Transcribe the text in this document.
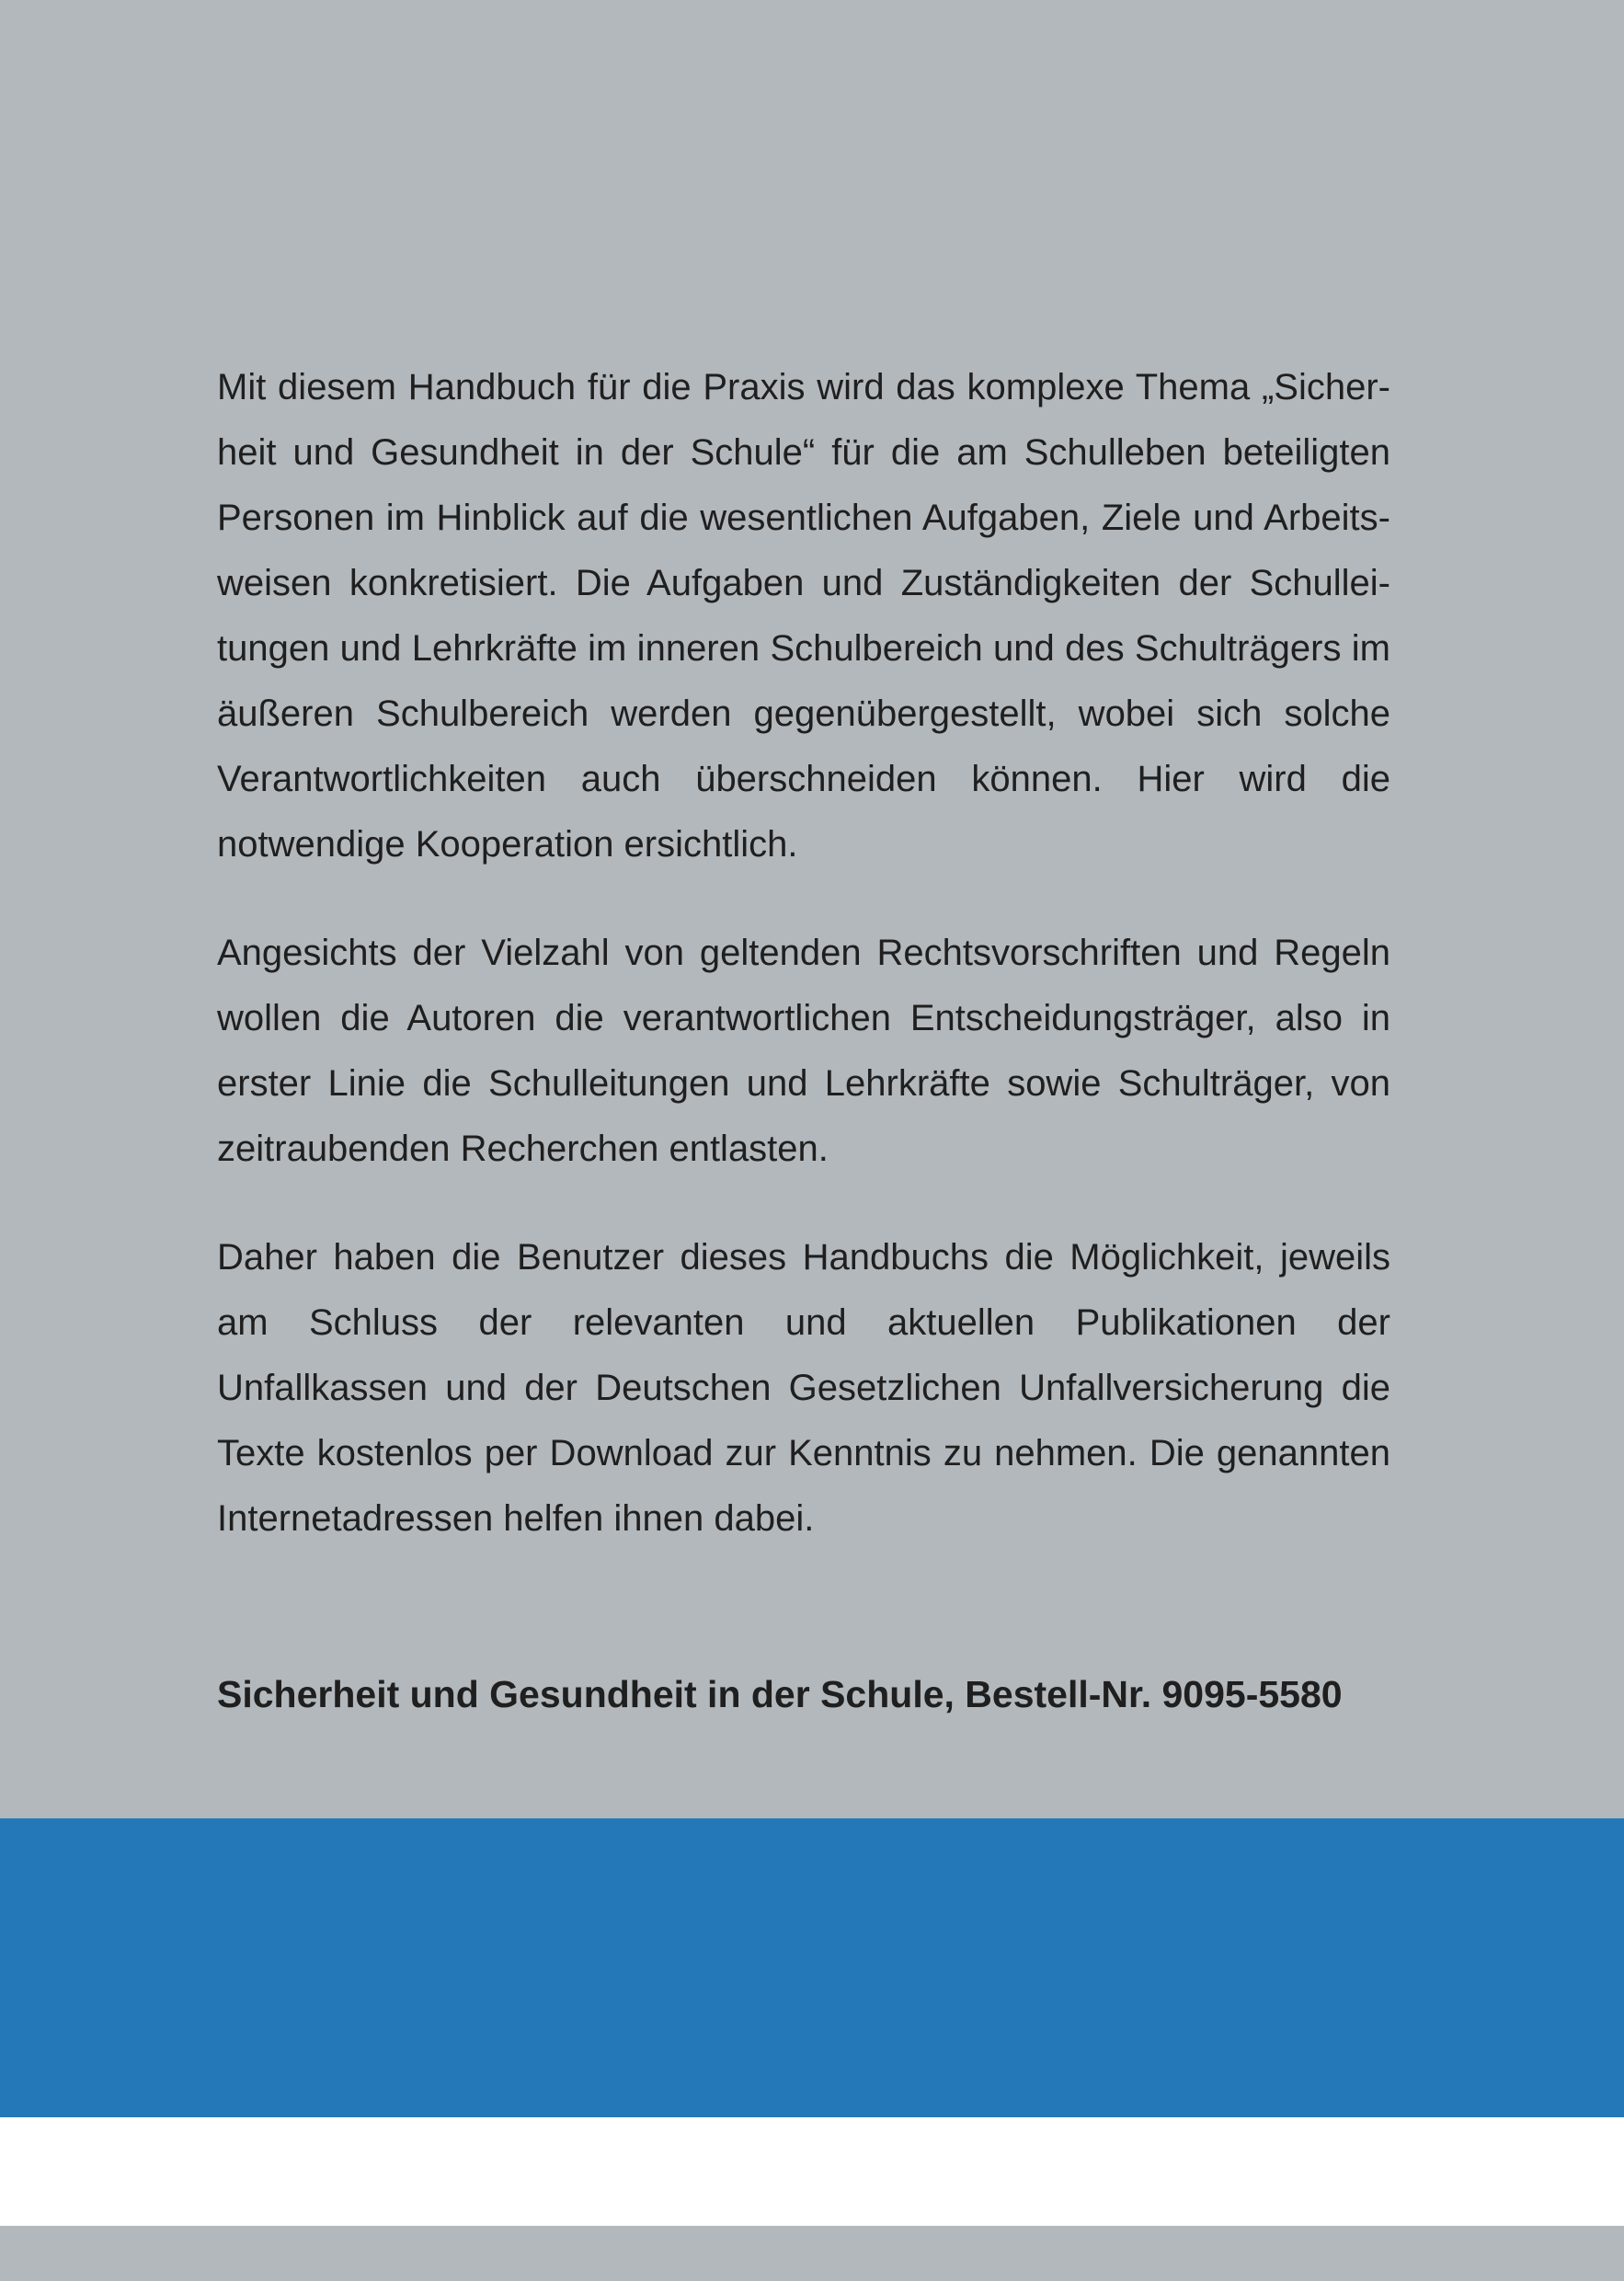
Mit diesem Handbuch für die Praxis wird das komplexe Thema „Sicherheit und Gesundheit in der Schule“ für die am Schulleben beteiligten Personen im Hinblick auf die wesentlichen Aufgaben, Ziele und Arbeitsweisen konkretisiert. Die Aufgaben und Zuständigkeiten der Schulleitungen und Lehrkräfte im inneren Schulbereich und des Schulträgers im äußeren Schulbereich werden gegenübergestellt, wobei sich solche Verantwortlichkeiten auch überschneiden können. Hier wird die notwendige Kooperation ersichtlich.

Angesichts der Vielzahl von geltenden Rechtsvorschriften und Regeln wollen die Autoren die verantwortlichen Entscheidungsträger, also in erster Linie die Schulleitungen und Lehrkräfte sowie Schulträger, von zeitraubenden Recherchen entlasten.

Daher haben die Benutzer dieses Handbuchs die Möglichkeit, jeweils am Schluss der relevanten und aktuellen Publikationen der Unfallkassen und der Deutschen Gesetzlichen Unfallversicherung die Texte kostenlos per Download zur Kenntnis zu nehmen. Die genannten Internetadressen helfen ihnen dabei.

Sicherheit und Gesundheit in der Schule, Bestell-Nr. 9095-5580
